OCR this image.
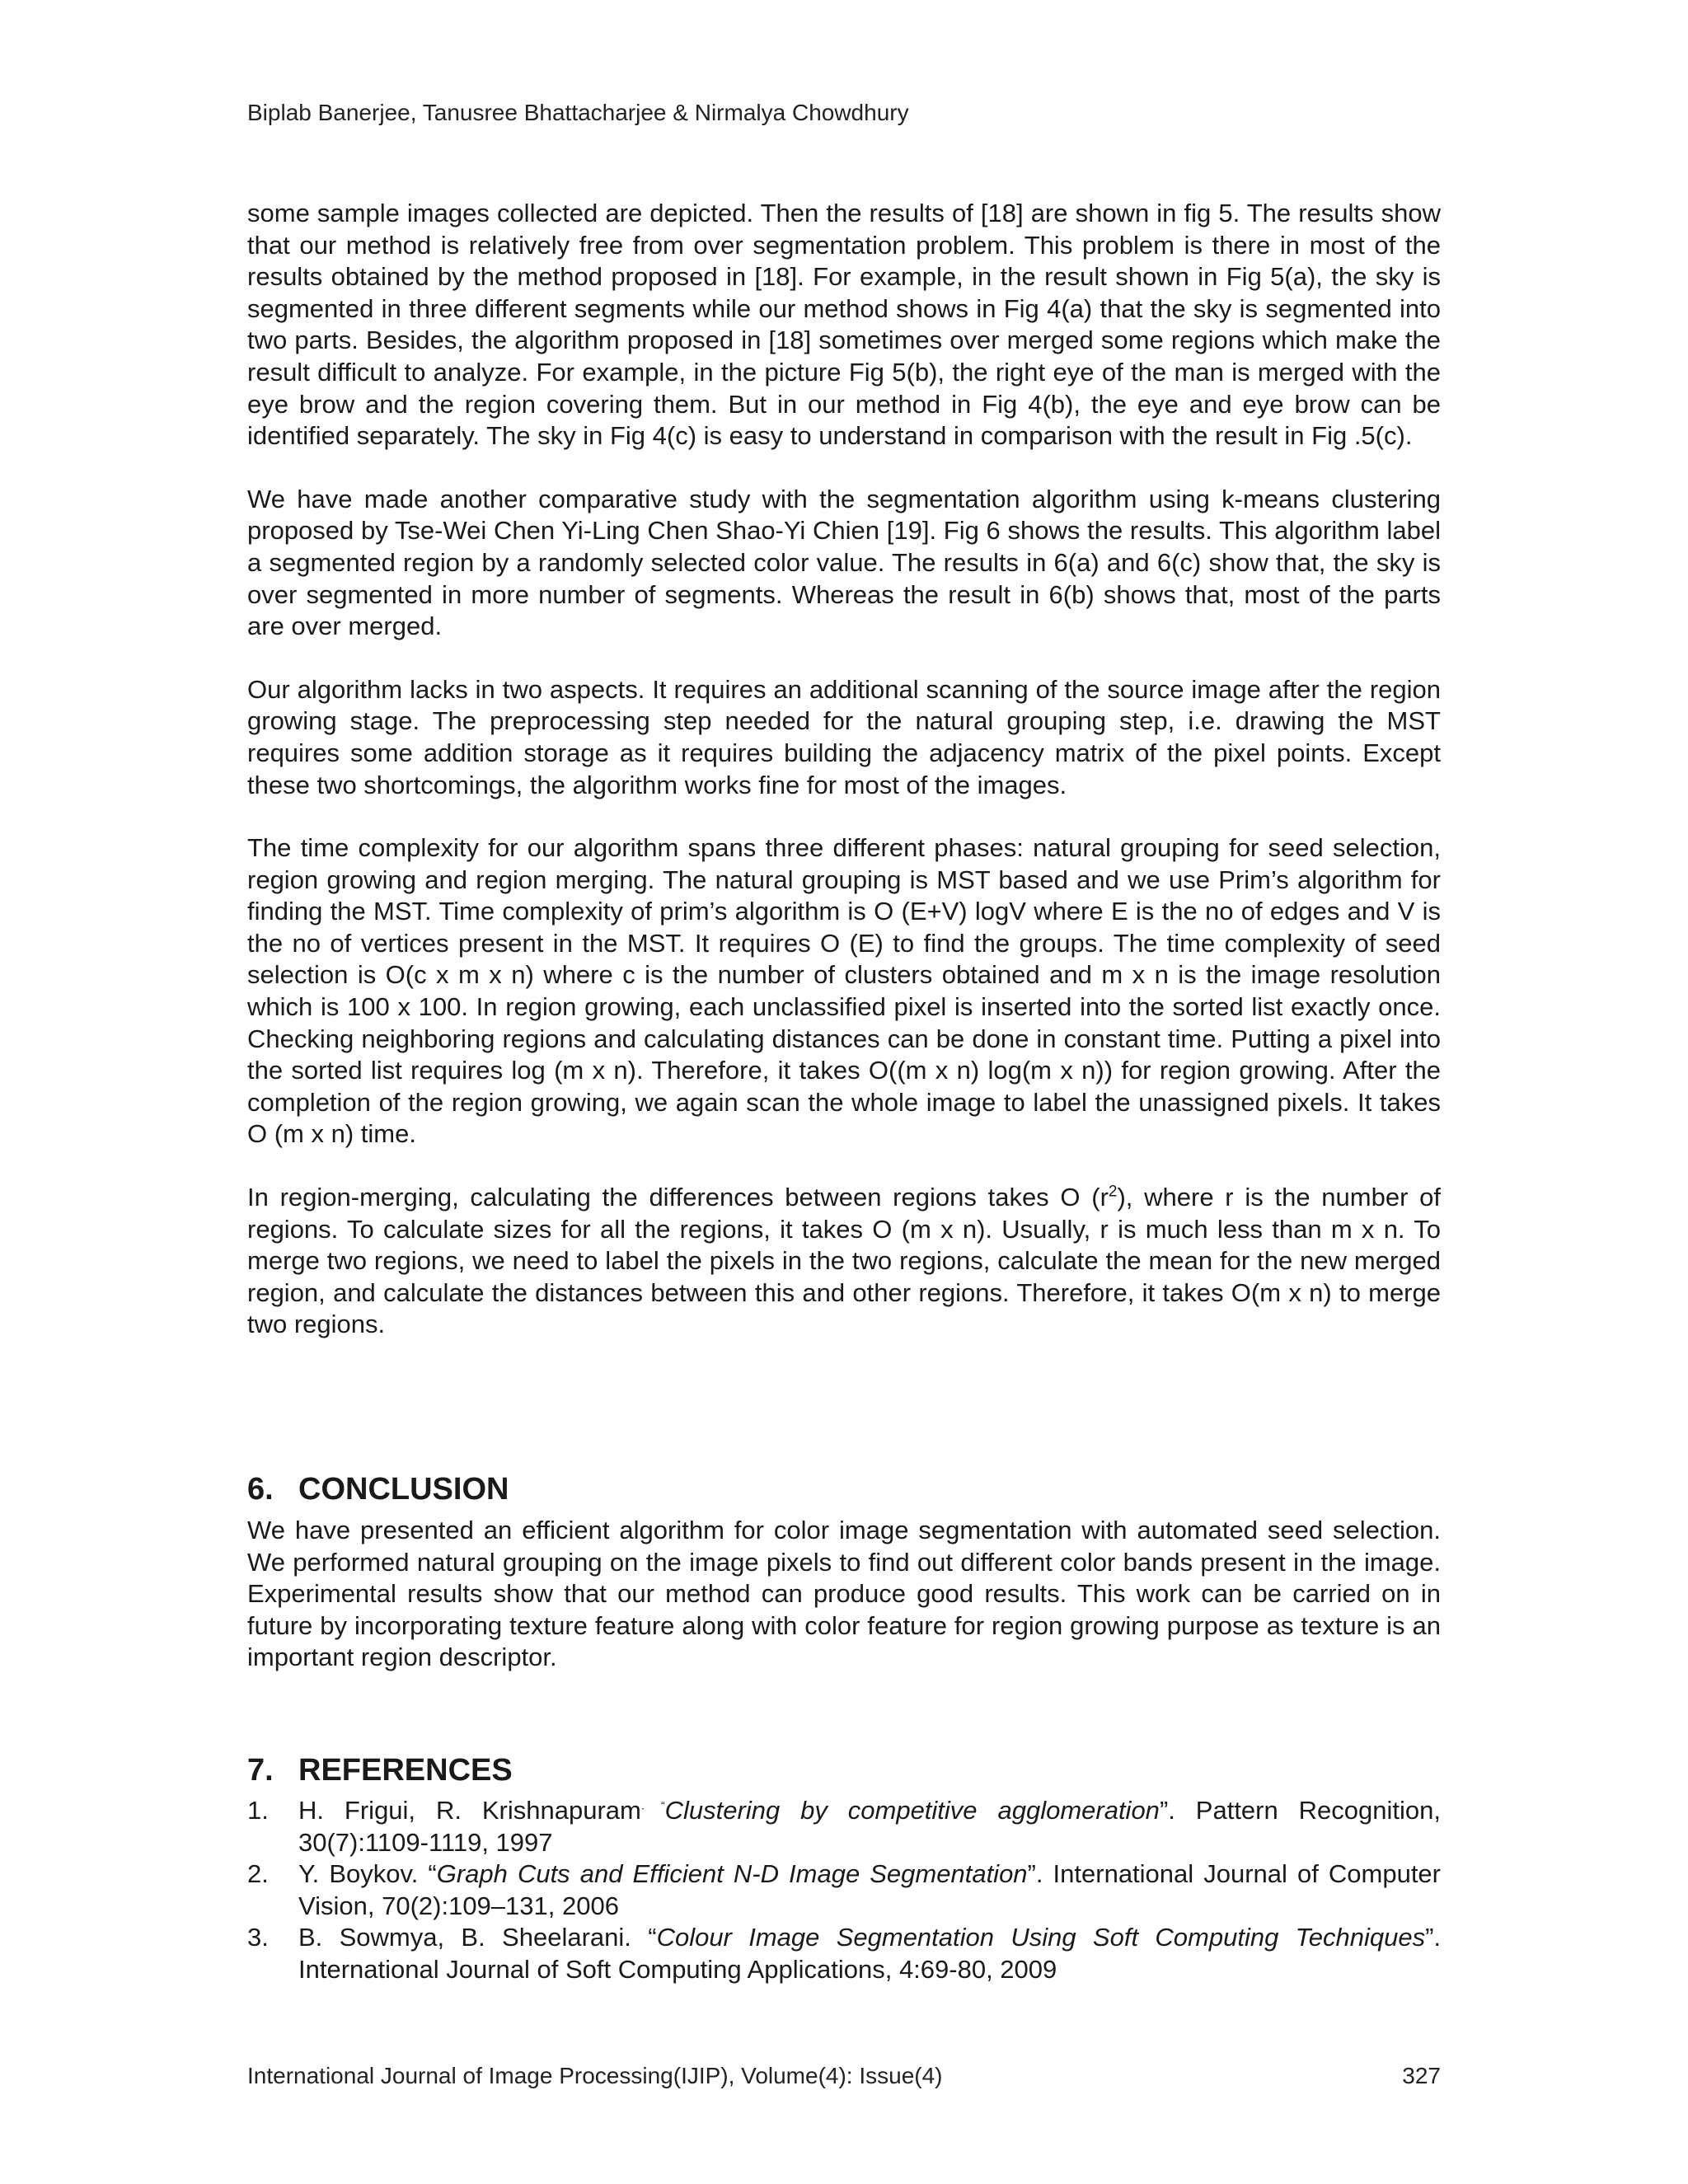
Biplab Banerjee, Tanusree Bhattacharjee & Nirmalya Chowdhury

some sample images collected are depicted. Then the results of [18] are shown in fig 5. The results show that our method is relatively free from over segmentation problem. This problem is there in most of the results obtained by the method proposed in [18]. For example, in the result shown in Fig 5(a), the sky is segmented in three different segments while our method shows in Fig 4(a) that the sky is segmented into two parts. Besides, the algorithm proposed in [18] sometimes over merged some regions which make the result difficult to analyze. For example, in the picture Fig 5(b), the right eye of the man is merged with the eye brow and the region covering them. But in our method in Fig 4(b), the eye and eye brow can be identified separately. The sky in Fig 4(c) is easy to understand in comparison with the result in Fig .5(c).

We have made another comparative study with the segmentation algorithm using k-means clustering proposed by Tse-Wei Chen Yi-Ling Chen Shao-Yi Chien [19]. Fig 6 shows the results. This algorithm label a segmented region by a randomly selected color value. The results in 6(a) and 6(c) show that, the sky is over segmented in more number of segments. Whereas the result in 6(b) shows that, most of the parts are over merged.

Our algorithm lacks in two aspects. It requires an additional scanning of the source image after the region growing stage. The preprocessing step needed for the natural grouping step, i.e. drawing the MST requires some addition storage as it requires building the adjacency matrix of the pixel points. Except these two shortcomings, the algorithm works fine for most of the images.

The time complexity for our algorithm spans three different phases: natural grouping for seed selection, region growing and region merging. The natural grouping is MST based and we use Prim’s algorithm for finding the MST. Time complexity of prim’s algorithm is O (E+V) logV where E is the no of edges and V is the no of vertices present in the MST. It requires O (E) to find the groups. The time complexity of seed selection is O(c x m x n) where c is the number of clusters obtained and m x n is the image resolution which is 100 x 100. In region growing, each unclassified pixel is inserted into the sorted list exactly once. Checking neighboring regions and calculating distances can be done in constant time. Putting a pixel into the sorted list requires log (m x n). Therefore, it takes O((m x n) log(m x n)) for region growing. After the completion of the region growing, we again scan the whole image to label the unassigned pixels. It takes O (m x n) time.

In region-merging, calculating the differences between regions takes O $(r^2)$, where r is the number of regions. To calculate sizes for all the regions, it takes O (m x n). Usually, r is much less than m x n. To merge two regions, we need to label the pixels in the two regions, calculate the mean for the new merged region, and calculate the distances between this and other regions. Therefore, it takes O(m x n) to merge two regions.

6. CONCLUSION

We have presented an efficient algorithm for color image segmentation with automated seed selection. We performed natural grouping on the image pixels to find out different color bands present in the image. Experimental results show that our method can produce good results. This work can be carried on in future by incorporating texture feature along with color feature for region growing purpose as texture is an important region descriptor.

7. REFERENCES
1. H. Frigui, R. Krishnapuram. “Clustering by competitive agglomeration”. Pattern Recognition, 30(7):1109-1119, 1997
2. Y. Boykov. “Graph Cuts and Efficient N-D Image Segmentation”. International Journal of Computer Vision, 70(2):109–131, 2006
3. B. Sowmya, B. Sheelarani. “Colour Image Segmentation Using Soft Computing Techniques”. International Journal of Soft Computing Applications, 4:69-80, 2009
International Journal of Image Processing(IJIP), Volume(4): Issue(4)	327
